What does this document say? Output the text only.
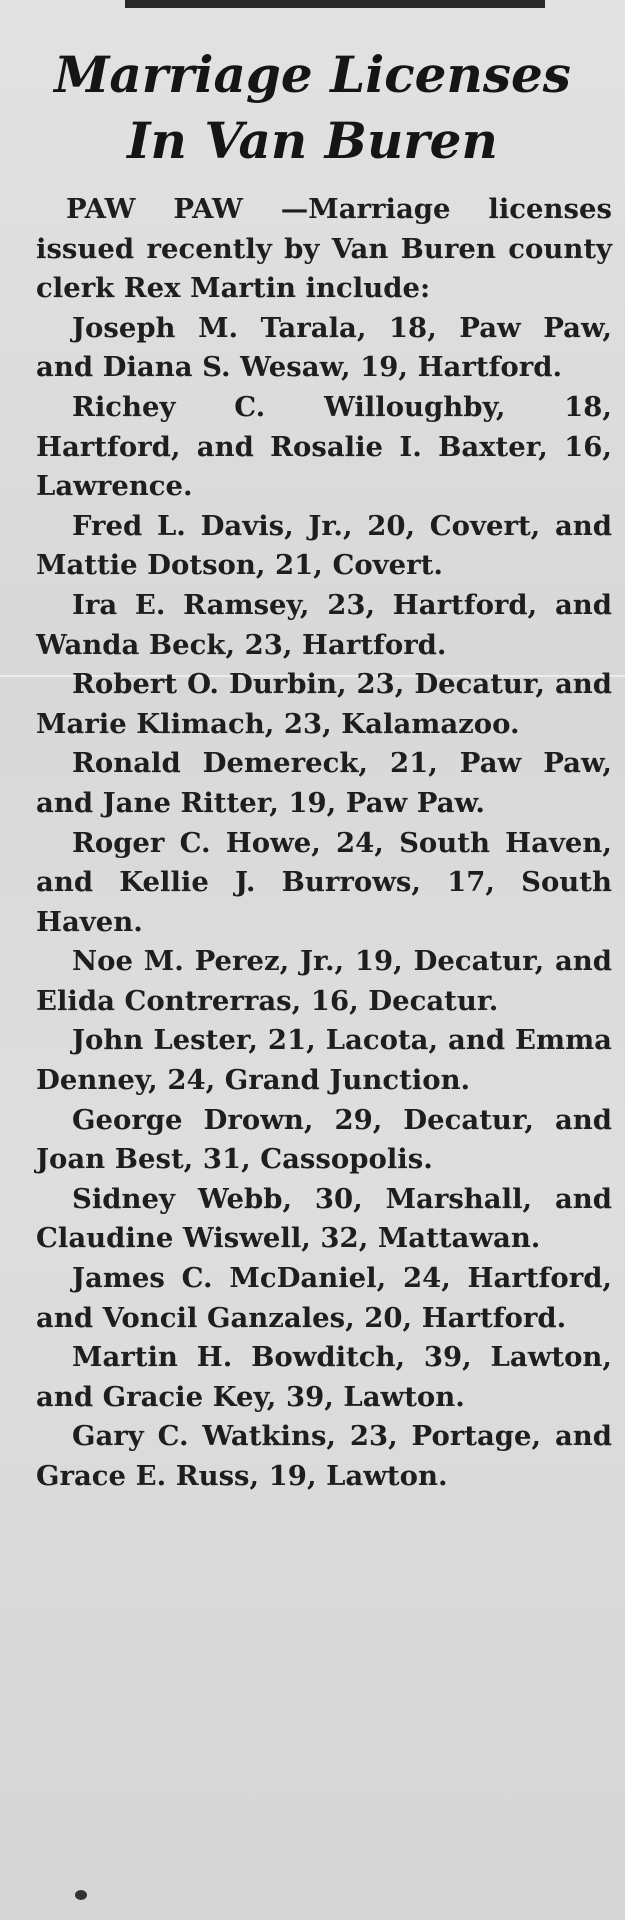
Marriage Licenses
In Van Buren

PAW PAW —Marriage licenses issued recently by Van Buren county clerk Rex Martin include:

Joseph M. Tarala, 18, Paw Paw, and Diana S. Wesaw, 19, Hartford.

Richey C. Willoughby, 18, Hartford, and Rosalie I. Baxter, 16, Lawrence.

Fred L. Davis, Jr., 20, Covert, and Mattie Dotson, 21, Covert.

Ira E. Ramsey, 23, Hartford, and Wanda Beck, 23, Hartford.

Robert O. Durbin, 23, Decatur, and Marie Klimach, 23, Kalamazoo.

Ronald Demereck, 21, Paw Paw, and Jane Ritter, 19, Paw Paw.

Roger C. Howe, 24, South Haven, and Kellie J. Burrows, 17, South Haven.

Noe M. Perez, Jr., 19, Decatur, and Elida Contrerras, 16, Decatur.

John Lester, 21, Lacota, and Emma Denney, 24, Grand Junction.

George Drown, 29, Decatur, and Joan Best, 31, Cassopolis.

Sidney Webb, 30, Marshall, and Claudine Wiswell, 32, Mattawan.

James C. McDaniel, 24, Hartford, and Voncil Ganzales, 20, Hartford.

Martin H. Bowditch, 39, Lawton, and Gracie Key, 39, Lawton.

Gary C. Watkins, 23, Portage, and Grace E. Russ, 19, Lawton.
